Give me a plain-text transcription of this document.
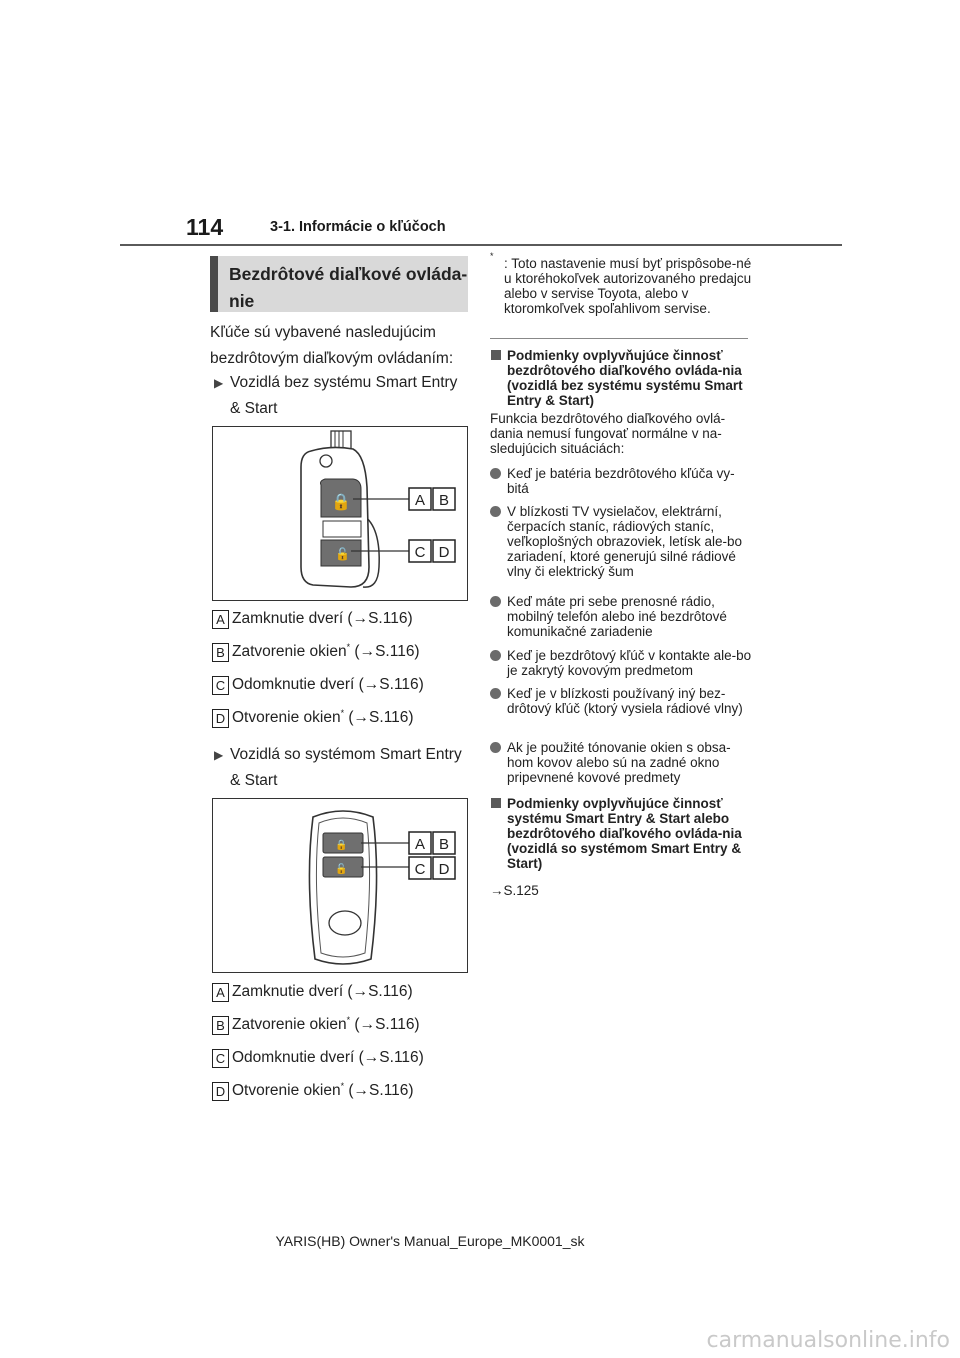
114	3-1. Informácie o kľúčoch
Bezdrôtové diaľkové ovláda-nie
Kľúče sú vybavené nasledujúcim bezdrôtovým diaľkovým ovládaním:
▶ Vozidlá bez systému Smart Entry & Start
🔒
🔓
A B
C D
A Zamknutie dverí (→S.116)
B Zatvorenie okien* (→S.116)
C Odomknutie dverí (→S.116)
D Otvorenie okien* (→S.116)
▶ Vozidlá so systémom Smart Entry & Start
🔒
🔓
A B
C D
A Zamknutie dverí (→S.116)
B Zatvorenie okien* (→S.116)
C Odomknutie dverí (→S.116)
D Otvorenie okien* (→S.116)
* : Toto nastavenie musí byť prispôsobe-né u ktoréhokoľvek autorizovaného predajcu alebo v servise Toyota, alebo v ktoromkoľvek spoľahlivom servise.
Podmienky ovplyvňujúce činnosť bezdrôtového diaľkového ovláda-nia (vozidlá bez systému systému Smart Entry & Start)
Funkcia bezdrôtového diaľkového ovlá-dania nemusí fungovať normálne v na-sledujúcich situáciách:
Keď je batéria bezdrôtového kľúča vy-bitá
V blízkosti TV vysielačov, elektrární, čerpacích staníc, rádiových staníc, veľkoplošných obrazoviek, letísk ale-bo zariadení, ktoré generujú silné rádiové vlny či elektrický šum
Keď máte pri sebe prenosné rádio, mobilný telefón alebo iné bezdrôtové komunikačné zariadenie
Keď je bezdrôtový kľúč v kontakte ale-bo je zakrytý kovovým predmetom
Keď je v blízkosti používaný iný bez-drôtový kľúč (ktorý vysiela rádiové vlny)
Ak je použité tónovanie okien s obsa-hom kovov alebo sú na zadné okno pripevnené kovové predmety
Podmienky ovplyvňujúce činnosť systému Smart Entry & Start alebo bezdrôtového diaľkového ovláda-nia (vozidlá so systémom Smart Entry & Start)
→S.125
YARIS(HB) Owner's Manual_Europe_MK0001_sk
carmanualsonline.info
